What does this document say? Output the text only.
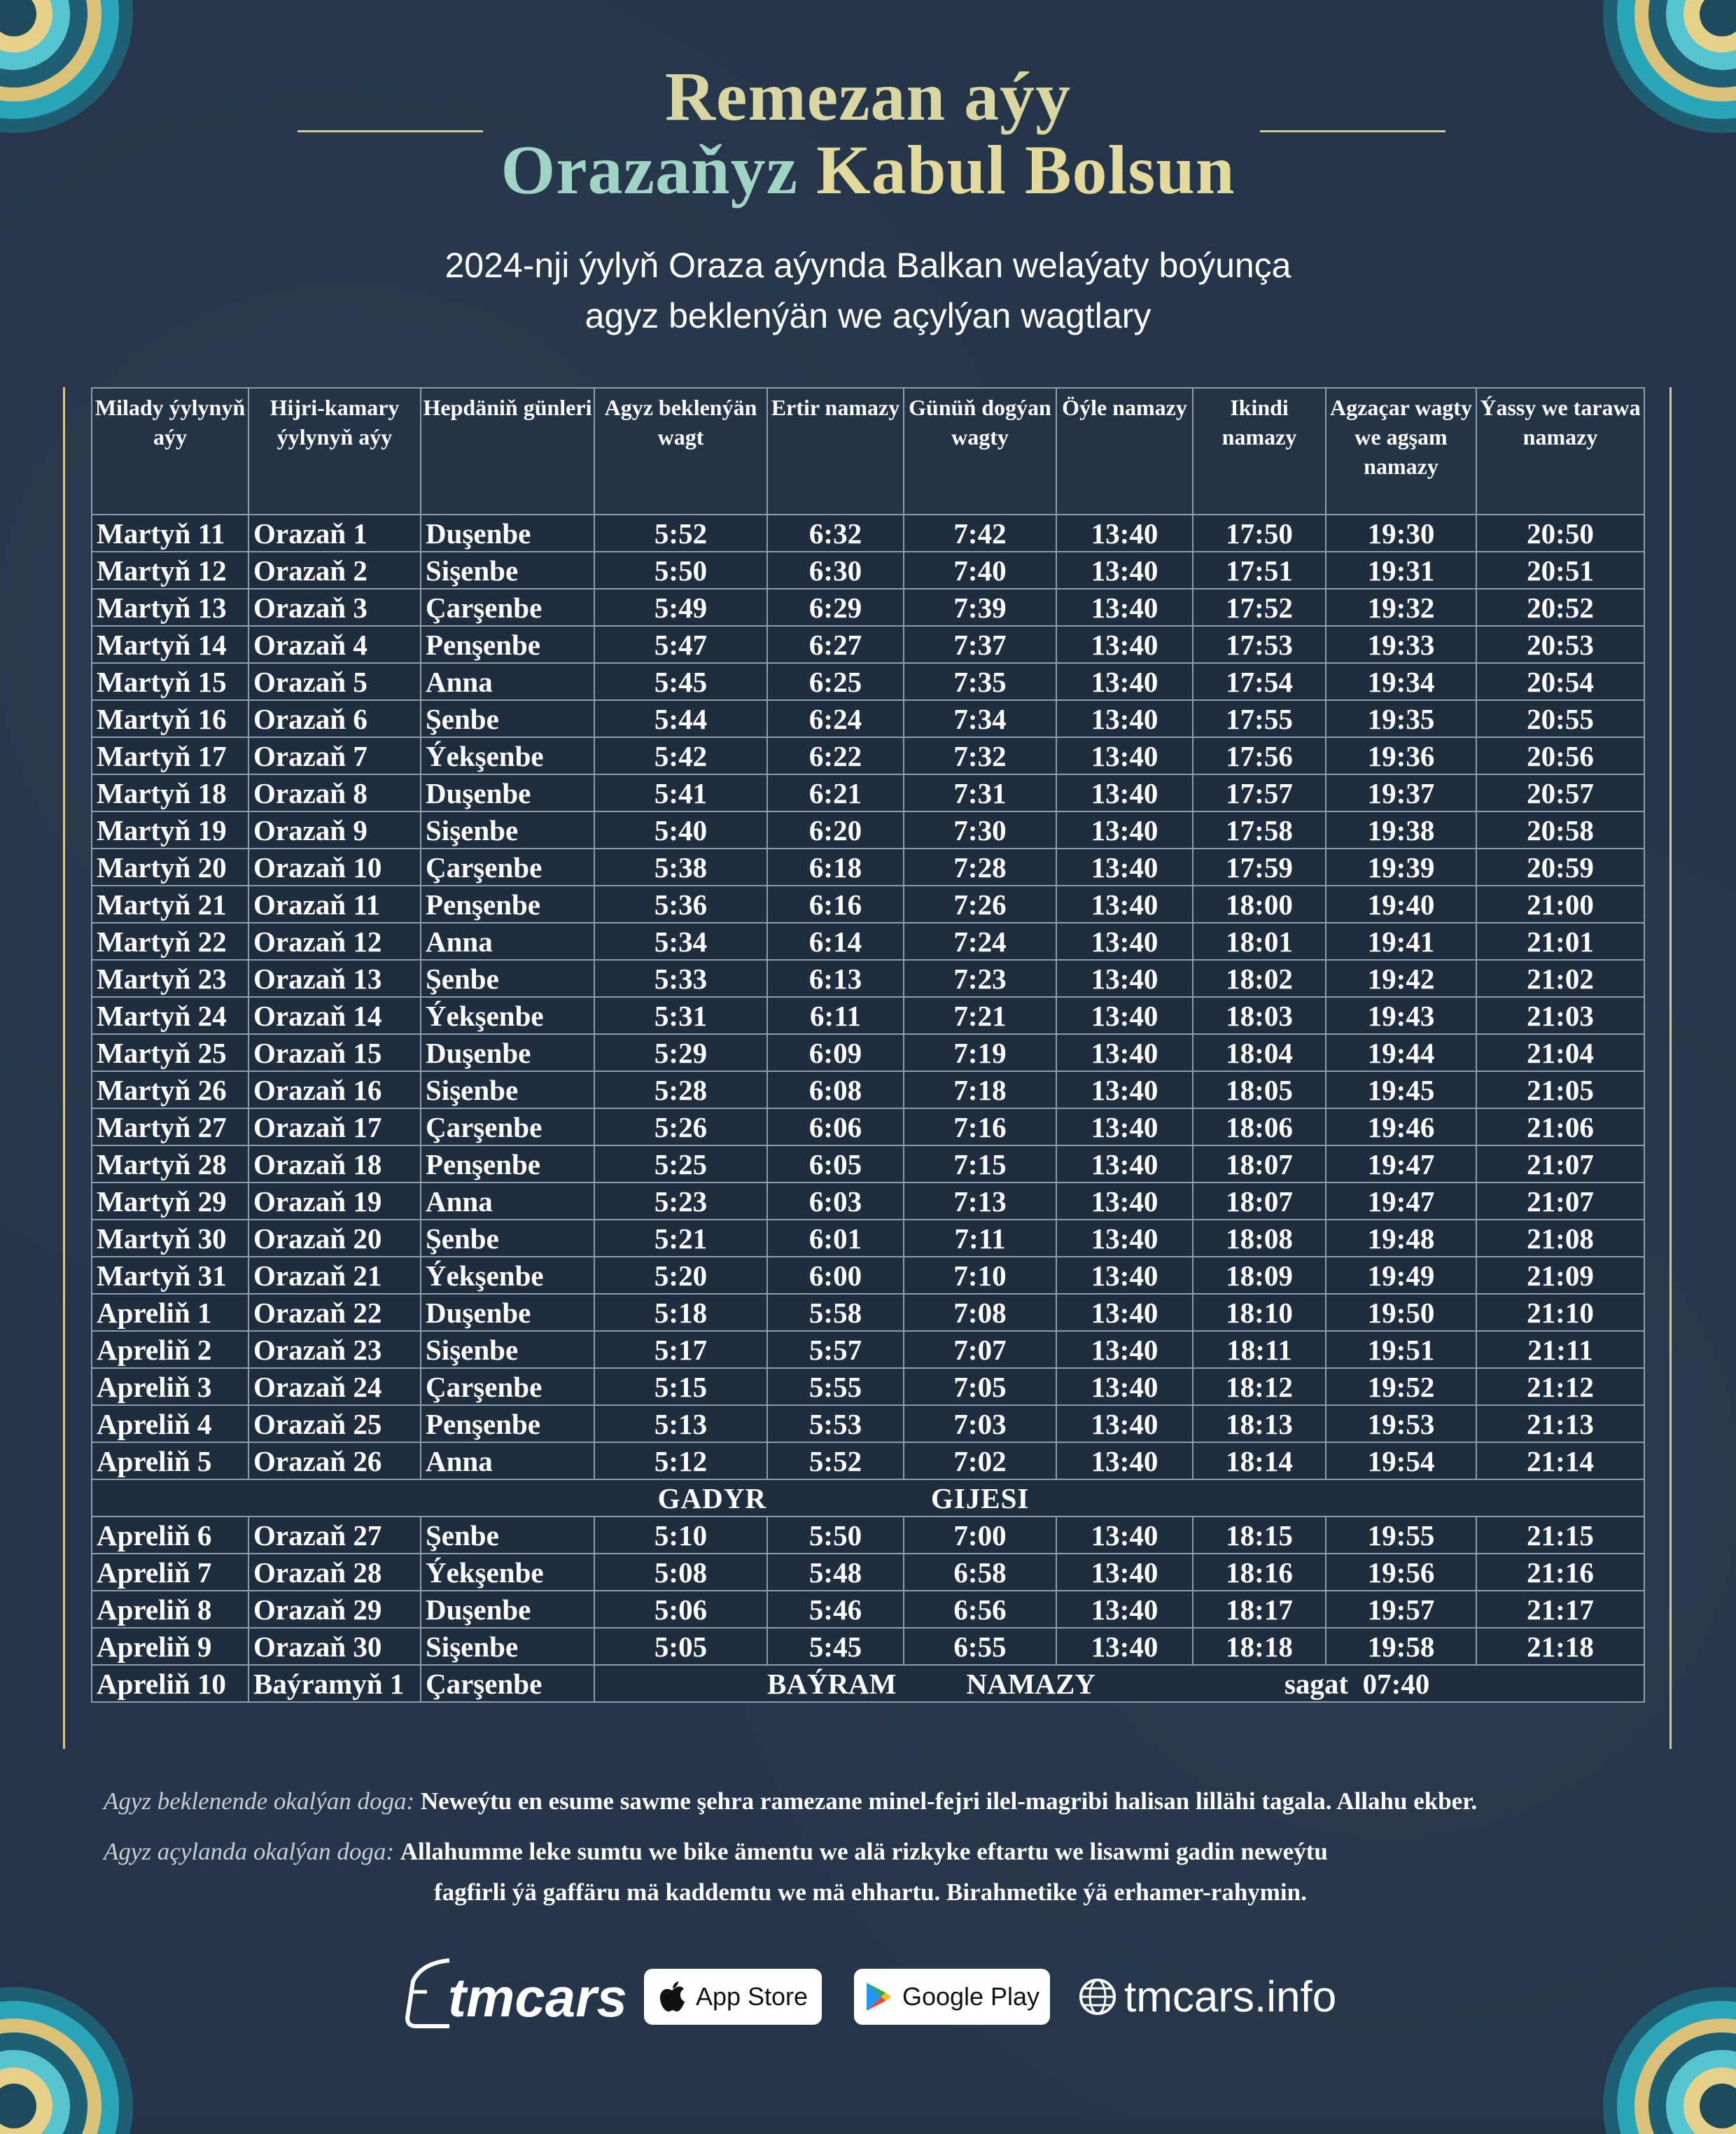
Remezan aýy
Orazaňyz Kabul Bolsun
2024-nji ýylyň Oraza aýynda Balkan welaýaty boýunça
agyz beklenýän we açylýan wagtlary
Milady ýylynyň aýy	Hijri-kamary ýylynyň aýy	Hepdäniň günleri	Agyz beklenýän wagt	Ertir namazy	Günüň dogýan wagty	Öýle namazy	Ikindi namazy	Agzaçar wagty we agşam namazy	Ýassy we tarawa namazy
Martyň 11	Orazaň 1	Duşenbe	5:52	6:32	7:42	13:40	17:50	19:30	20:50
Martyň 12	Orazaň 2	Sişenbe	5:50	6:30	7:40	13:40	17:51	19:31	20:51
Martyň 13	Orazaň 3	Çarşenbe	5:49	6:29	7:39	13:40	17:52	19:32	20:52
Martyň 14	Orazaň 4	Penşenbe	5:47	6:27	7:37	13:40	17:53	19:33	20:53
Martyň 15	Orazaň 5	Anna	5:45	6:25	7:35	13:40	17:54	19:34	20:54
Martyň 16	Orazaň 6	Şenbe	5:44	6:24	7:34	13:40	17:55	19:35	20:55
Martyň 17	Orazaň 7	Ýekşenbe	5:42	6:22	7:32	13:40	17:56	19:36	20:56
Martyň 18	Orazaň 8	Duşenbe	5:41	6:21	7:31	13:40	17:57	19:37	20:57
Martyň 19	Orazaň 9	Sişenbe	5:40	6:20	7:30	13:40	17:58	19:38	20:58
Martyň 20	Orazaň 10	Çarşenbe	5:38	6:18	7:28	13:40	17:59	19:39	20:59
Martyň 21	Orazaň 11	Penşenbe	5:36	6:16	7:26	13:40	18:00	19:40	21:00
Martyň 22	Orazaň 12	Anna	5:34	6:14	7:24	13:40	18:01	19:41	21:01
Martyň 23	Orazaň 13	Şenbe	5:33	6:13	7:23	13:40	18:02	19:42	21:02
Martyň 24	Orazaň 14	Ýekşenbe	5:31	6:11	7:21	13:40	18:03	19:43	21:03
Martyň 25	Orazaň 15	Duşenbe	5:29	6:09	7:19	13:40	18:04	19:44	21:04
Martyň 26	Orazaň 16	Sişenbe	5:28	6:08	7:18	13:40	18:05	19:45	21:05
Martyň 27	Orazaň 17	Çarşenbe	5:26	6:06	7:16	13:40	18:06	19:46	21:06
Martyň 28	Orazaň 18	Penşenbe	5:25	6:05	7:15	13:40	18:07	19:47	21:07
Martyň 29	Orazaň 19	Anna	5:23	6:03	7:13	13:40	18:07	19:47	21:07
Martyň 30	Orazaň 20	Şenbe	5:21	6:01	7:11	13:40	18:08	19:48	21:08
Martyň 31	Orazaň 21	Ýekşenbe	5:20	6:00	7:10	13:40	18:09	19:49	21:09
Apreliň 1	Orazaň 22	Duşenbe	5:18	5:58	7:08	13:40	18:10	19:50	21:10
Apreliň 2	Orazaň 23	Sişenbe	5:17	5:57	7:07	13:40	18:11	19:51	21:11
Apreliň 3	Orazaň 24	Çarşenbe	5:15	5:55	7:05	13:40	18:12	19:52	21:12
Apreliň 4	Orazaň 25	Penşenbe	5:13	5:53	7:03	13:40	18:13	19:53	21:13
Apreliň 5	Orazaň 26	Anna	5:12	5:52	7:02	13:40	18:14	19:54	21:14
GADYR GIJESI									
Apreliň 6	Orazaň 27	Şenbe	5:10	5:50	7:00	13:40	18:15	19:55	21:15
Apreliň 7	Orazaň 28	Ýekşenbe	5:08	5:48	6:58	13:40	18:16	19:56	21:16
Apreliň 8	Orazaň 29	Duşenbe	5:06	5:46	6:56	13:40	18:17	19:57	21:17
Apreliň 9	Orazaň 30	Sişenbe	5:05	5:45	6:55	13:40	18:18	19:58	21:18
Apreliň 10	Baýramyň 1	Çarşenbe	BAÝRAM NAMAZY sagat  07:40						
Agyz beklenende okalýan doga: Neweýtu en esume sawme şehra ramezane minel-fejri ilel-magribi halisan lillähi tagala. Allahu ekber.
Agyz açylanda okalýan doga: Allahumme leke sumtu we bike ämentu we alä rizkyke eftartu we lisawmi gadin neweýtu
fagfirli ýä gaffäru mä kaddemtu we mä ehhartu. Birahmetike ýä erhamer-rahymin.
tmcars	App Store	Google Play tmcars.info
